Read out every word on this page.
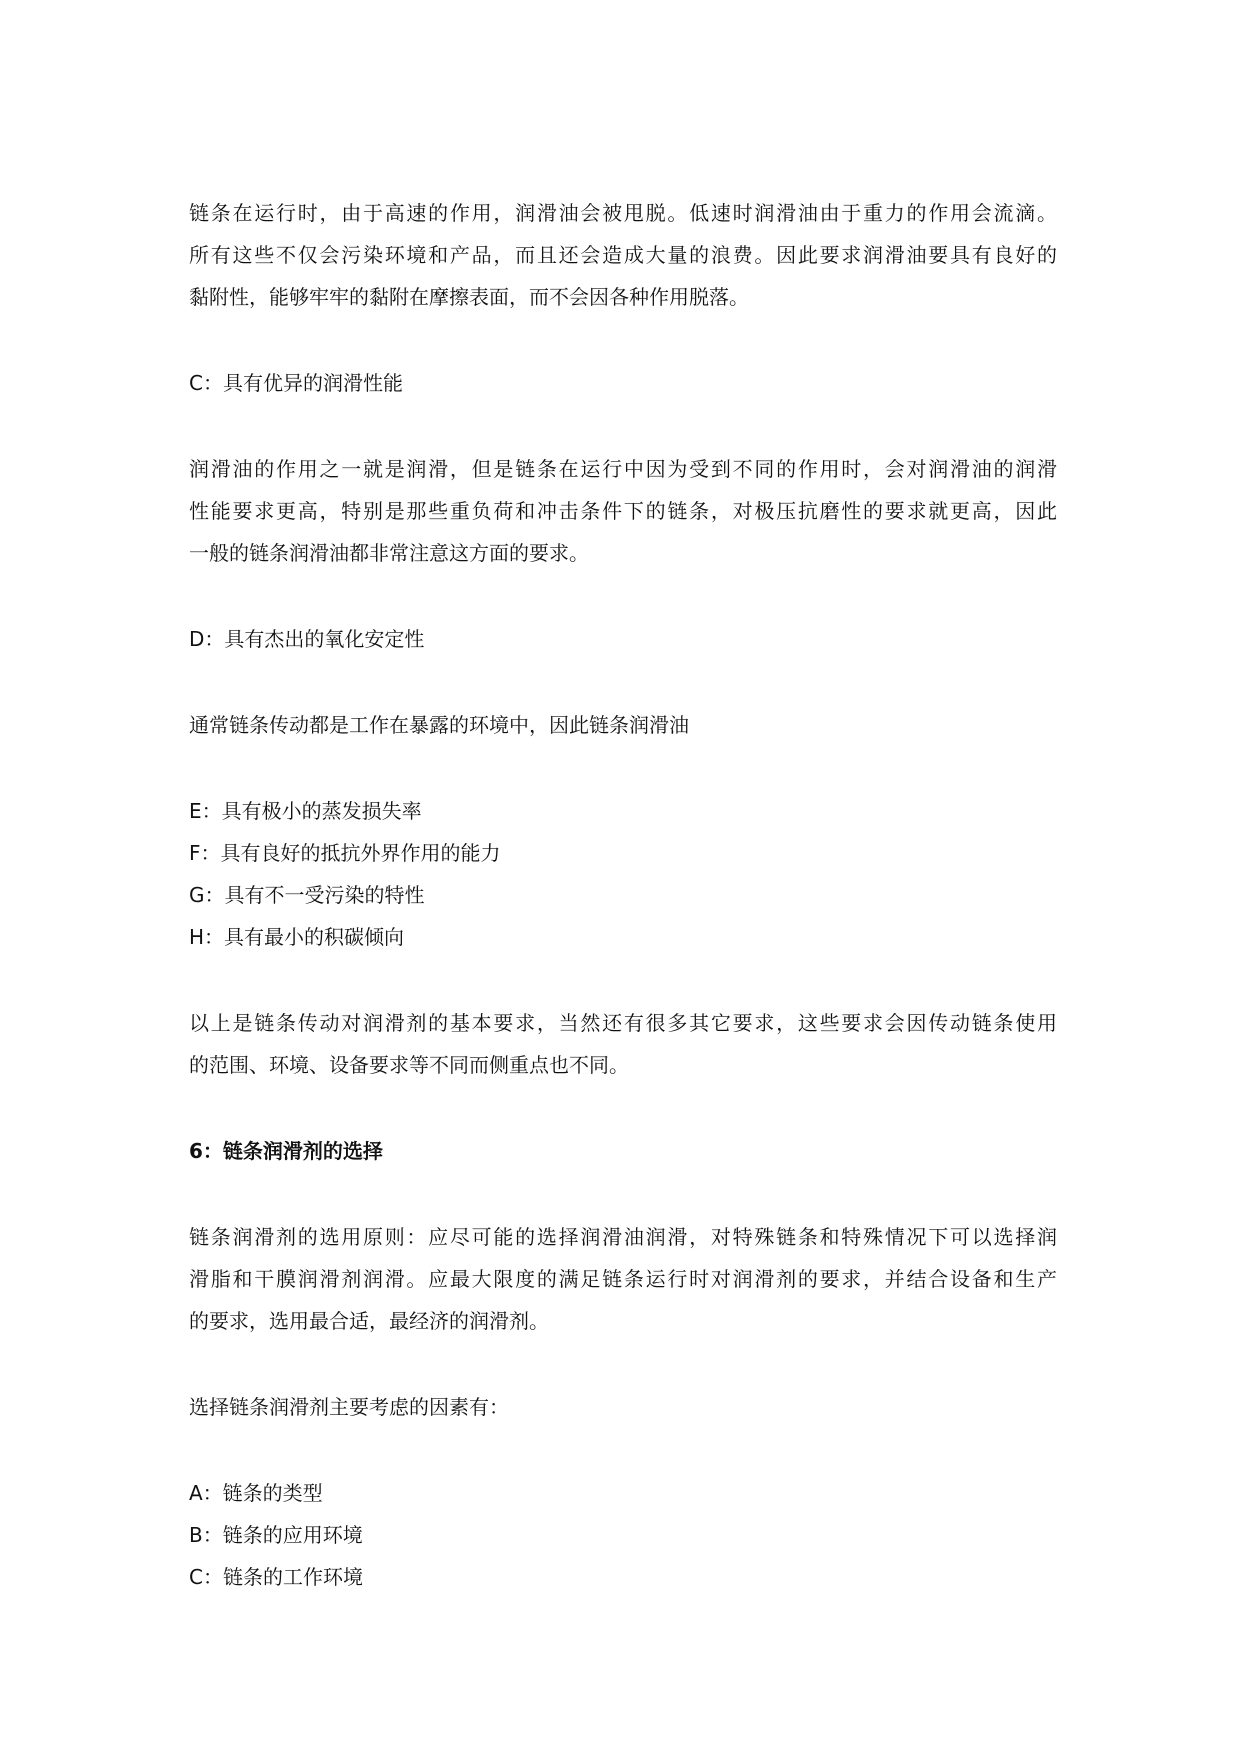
链条在运行时，由于高速的作用，润滑油会被甩脱。低速时润滑油由于重力的作用会流滴。
所有这些不仅会污染环境和产品，而且还会造成大量的浪费。因此要求润滑油要具有良好的
黏附性，能够牢牢的黏附在摩擦表面，而不会因各种作用脱落。
C：具有优异的润滑性能
润滑油的作用之一就是润滑，但是链条在运行中因为受到不同的作用时，会对润滑油的润滑
性能要求更高，特别是那些重负荷和冲击条件下的链条，对极压抗磨性的要求就更高，因此
一般的链条润滑油都非常注意这方面的要求。
D：具有杰出的氧化安定性
通常链条传动都是工作在暴露的环境中，因此链条润滑油
E：具有极小的蒸发损失率
F：具有良好的抵抗外界作用的能力
G：具有不一受污染的特性
H：具有最小的积碳倾向
以上是链条传动对润滑剂的基本要求，当然还有很多其它要求，这些要求会因传动链条使用
的范围、环境、设备要求等不同而侧重点也不同。
6：链条润滑剂的选择
链条润滑剂的选用原则：应尽可能的选择润滑油润滑，对特殊链条和特殊情况下可以选择润
滑脂和干膜润滑剂润滑。应最大限度的满足链条运行时对润滑剂的要求，并结合设备和生产
的要求，选用最合适，最经济的润滑剂。
选择链条润滑剂主要考虑的因素有：
A：链条的类型
B：链条的应用环境
C：链条的工作环境
